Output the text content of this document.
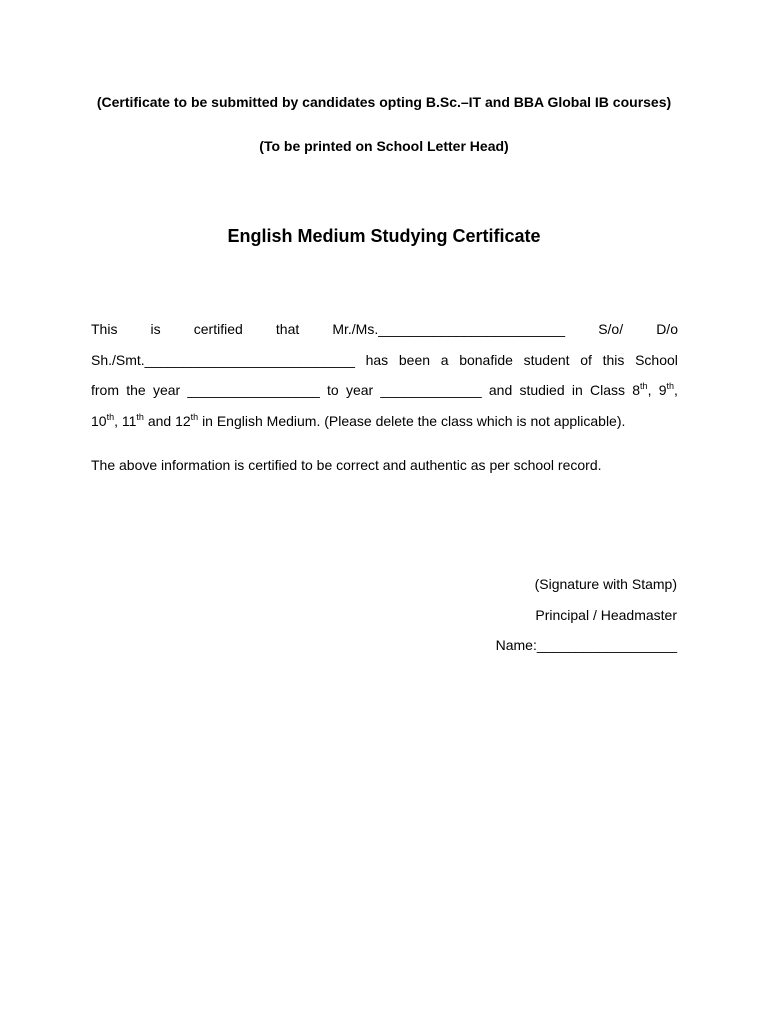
(Certificate to be submitted by candidates opting B.Sc.–IT and BBA Global IB courses)
(To be printed on School Letter Head)
English Medium Studying Certificate
This is certified that Mr./Ms.________________________ S/o/ D/o
Sh./Smt.___________________________ has been a bonafide student of this School
from the year _________________ to year _____________ and studied in Class 8th, 9th,
10th, 11th and
12th in English Medium. (Please delete the class which is not applicable).
The above information is certified to be correct and authentic as per school record.
(Signature with Stamp)
Principal / Headmaster
Name:__________________
